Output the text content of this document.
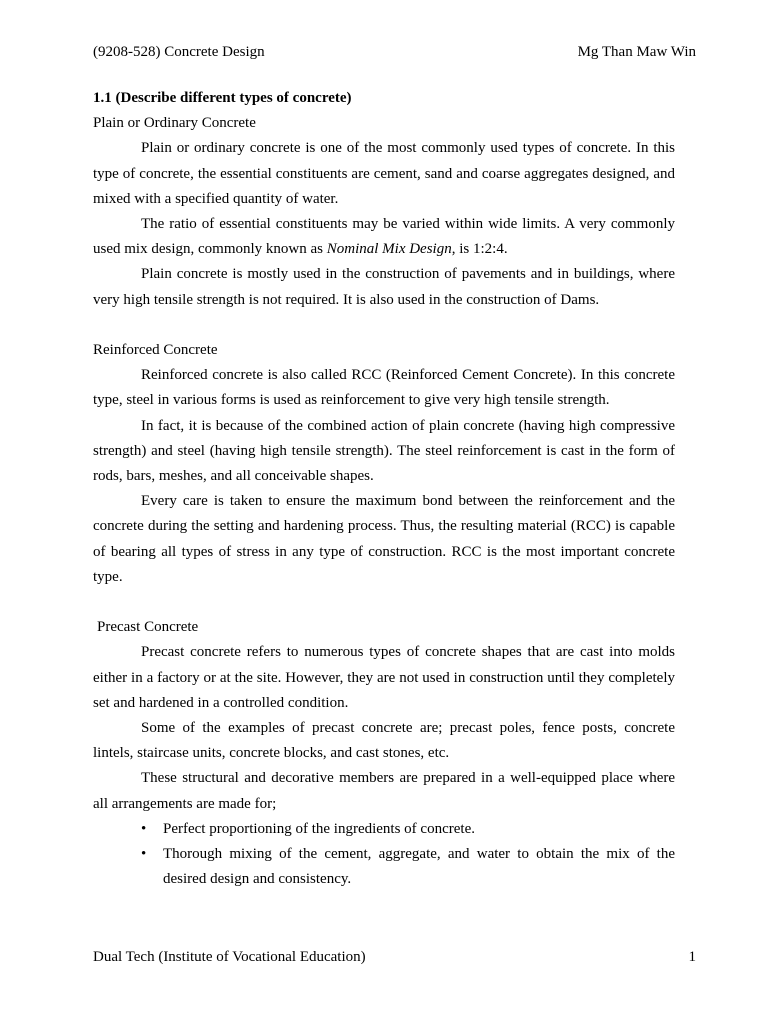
(9208-528) Concrete Design	Mg Than Maw Win

1.1 (Describe different types of concrete)

Plain or Ordinary Concrete

Plain or ordinary concrete is one of the most commonly used types of concrete. In this type of concrete, the essential constituents are cement, sand and coarse aggregates designed, and mixed with a specified quantity of water.

The ratio of essential constituents may be varied within wide limits. A very commonly used mix design, commonly known as Nominal Mix Design, is 1:2:4.

Plain concrete is mostly used in the construction of pavements and in buildings, where very high tensile strength is not required. It is also used in the construction of Dams.

Reinforced Concrete

Reinforced concrete is also called RCC (Reinforced Cement Concrete). In this concrete type, steel in various forms is used as reinforcement to give very high tensile strength.

In fact, it is because of the combined action of plain concrete (having high compressive strength) and steel (having high tensile strength). The steel reinforcement is cast in the form of rods, bars, meshes, and all conceivable shapes.

Every care is taken to ensure the maximum bond between the reinforcement and the concrete during the setting and hardening process. Thus, the resulting material (RCC) is capable of bearing all types of stress in any type of construction. RCC is the most important concrete type.

Precast Concrete

Precast concrete refers to numerous types of concrete shapes that are cast into molds either in a factory or at the site. However, they are not used in construction until they completely set and hardened in a controlled condition.

Some of the examples of precast concrete are; precast poles, fence posts, concrete lintels, staircase units, concrete blocks, and cast stones, etc.

These structural and decorative members are prepared in a well-equipped place where all arrangements are made for;

• Perfect proportioning of the ingredients of concrete.
• Thorough mixing of the cement, aggregate, and water to obtain the mix of the desired design and consistency.
Dual Tech (Institute of Vocational Education)	1
